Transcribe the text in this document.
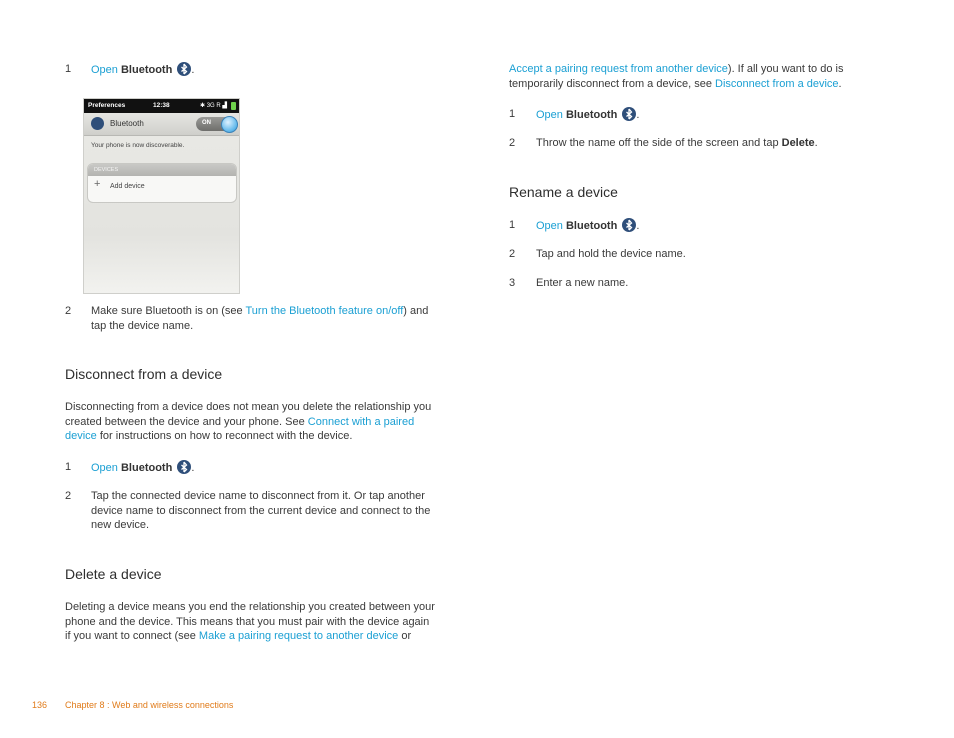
1	Open Bluetooth .
Preferences	12:38	✱ 3G R ▟
Bluetooth	ON
Your phone is now discoverable.
DEVICES
+ Add device
2	Make sure Bluetooth is on (see Turn the Bluetooth feature on/off) and
tap the device name.
Disconnect from a device

Disconnecting from a device does not mean you delete the relationship you
created between the device and your phone. See Connect with a paired
device for instructions on how to reconnect with the device.

1	Open Bluetooth .
2	Tap the connected device name to disconnect from it. Or tap another
device name to disconnect from the current device and connect to the
new device.
Delete a device

Deleting a device means you end the relationship you created between your
phone and the device. This means that you must pair with the device again
if you want to connect (see Make a pairing request to another device or

Accept a pairing request from another device). If all you want to do is
temporarily disconnect from a device, see Disconnect from a device.

1	Open Bluetooth .
2	Throw the name off the side of the screen and tap Delete.
Rename a device
1	Open Bluetooth .
2	Tap and hold the device name.
3	Enter a new name.
136 Chapter 8 : Web and wireless connections
